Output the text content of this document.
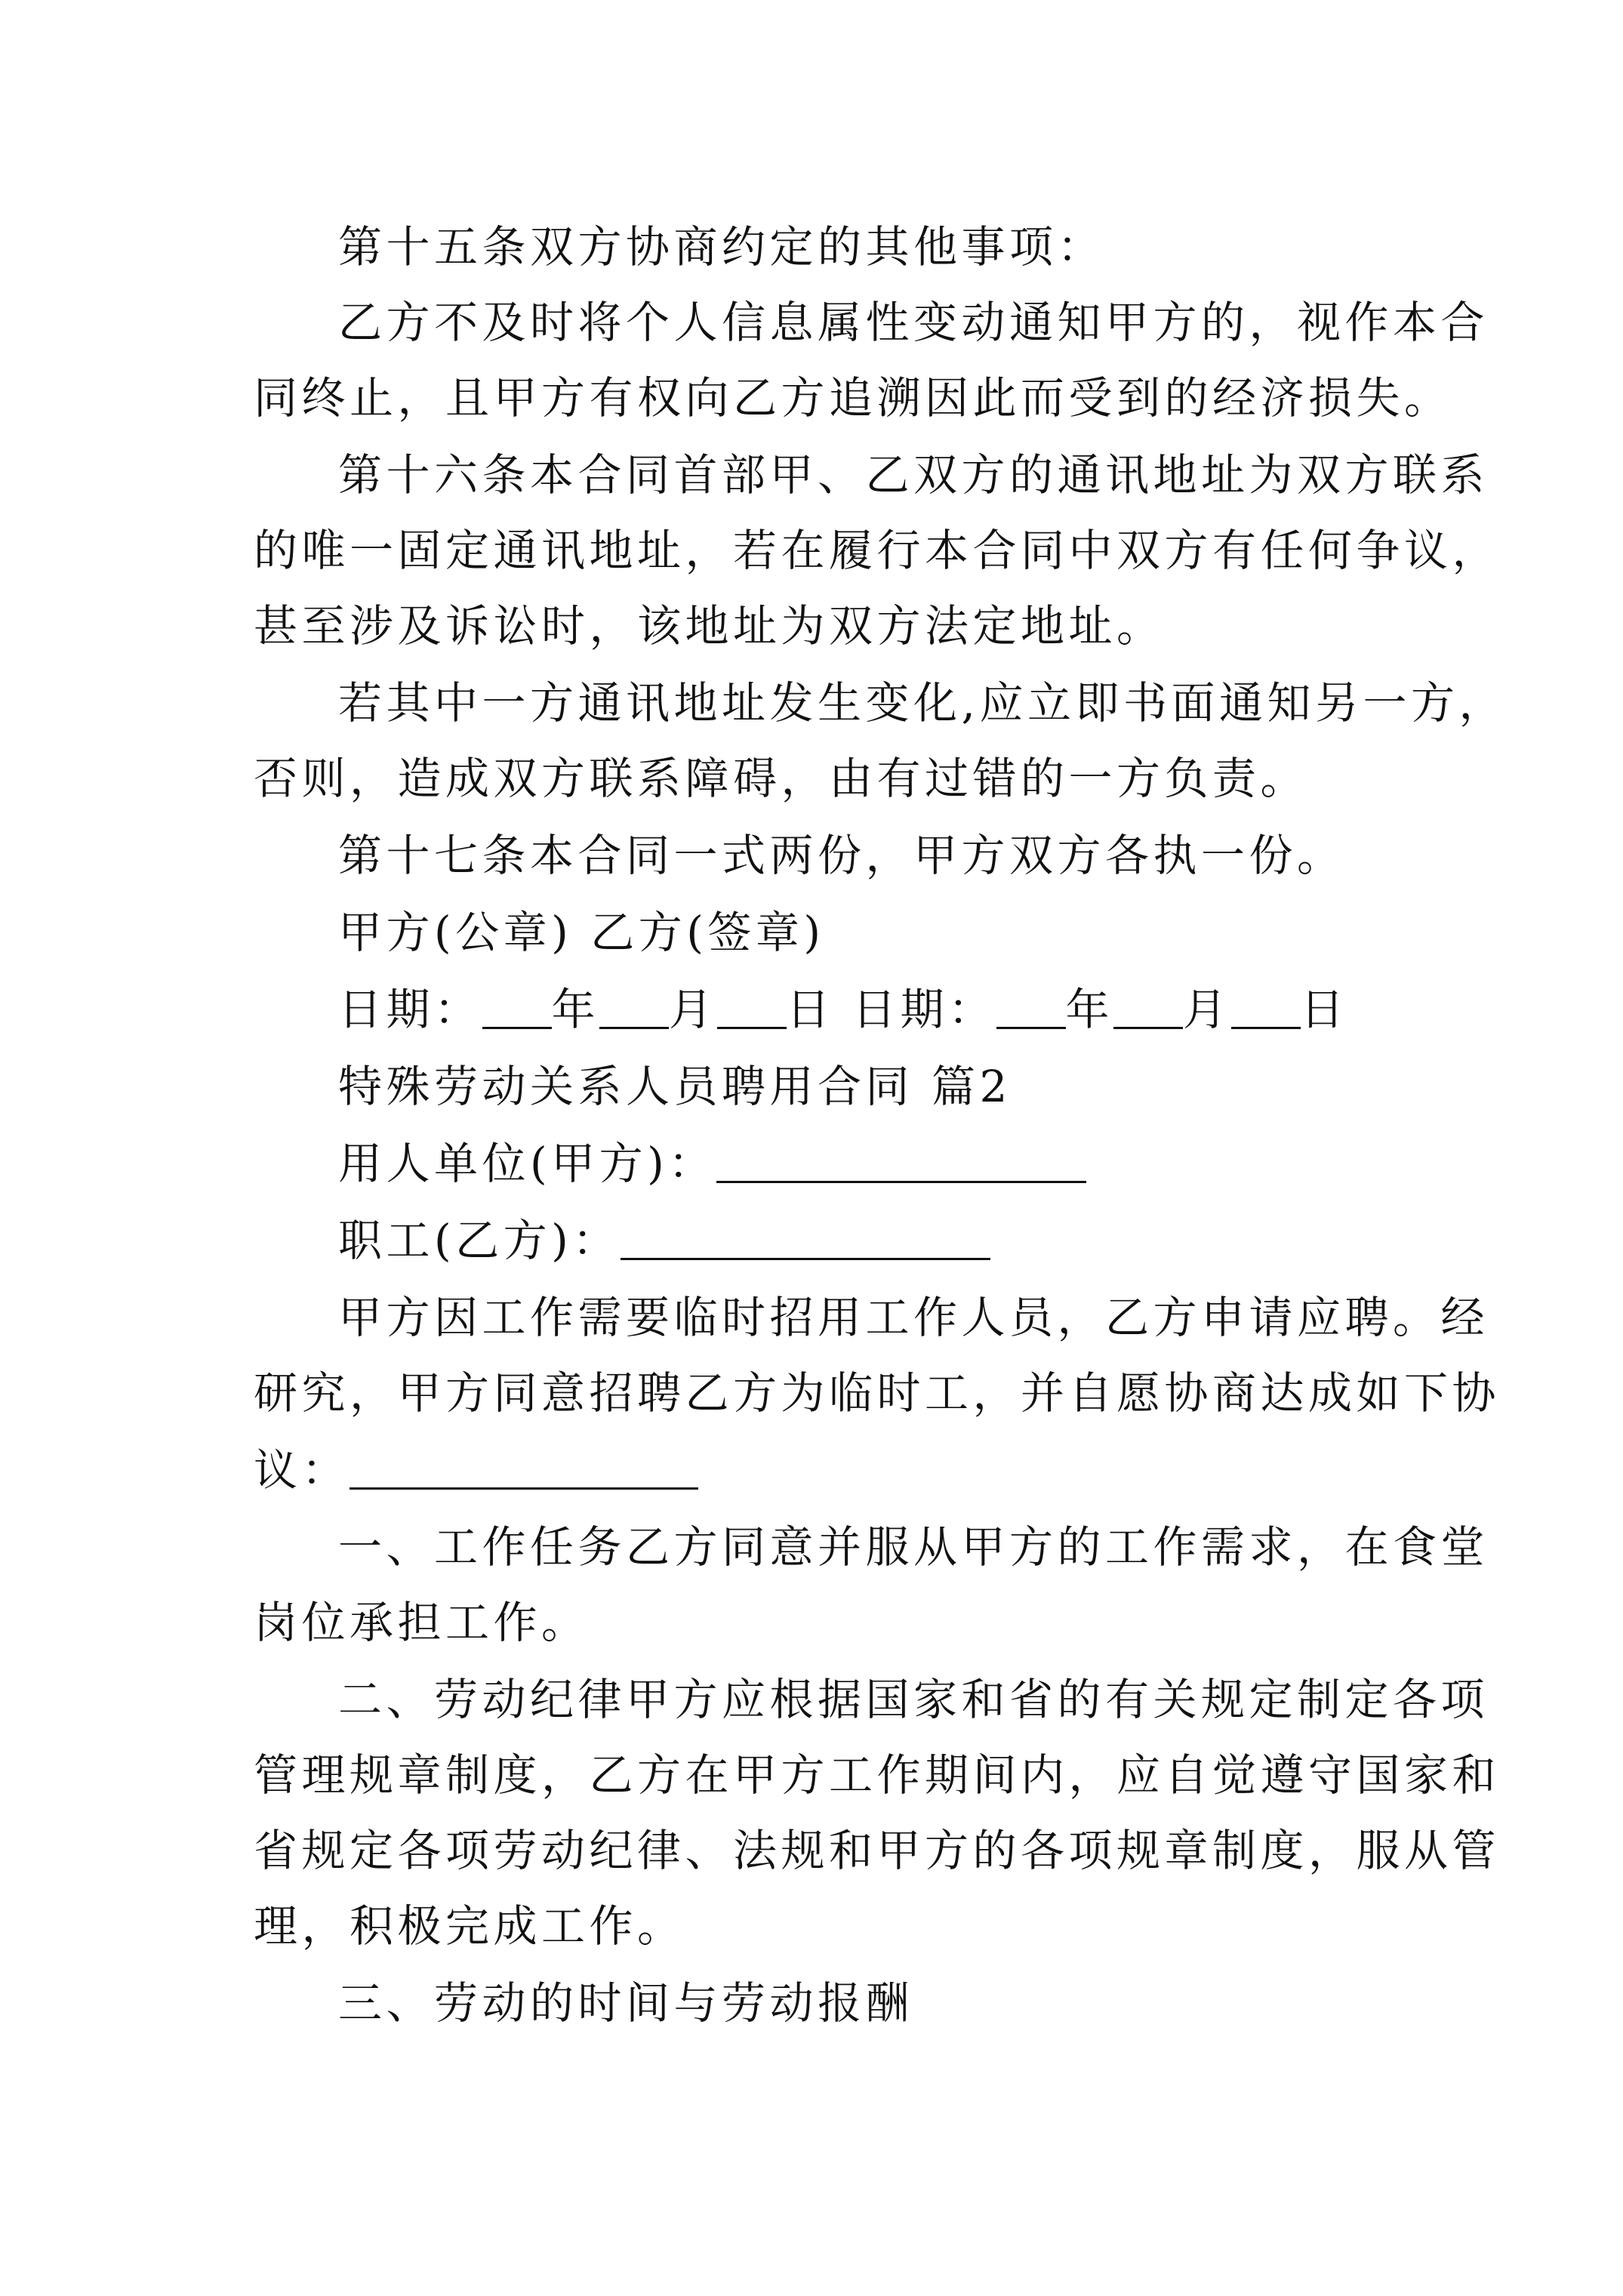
第十五条双方协商约定的其他事项：
乙方不及时将个人信息属性变动通知甲方的，视作本合
同终止，且甲方有权向乙方追溯因此而受到的经济损失。
第十六条本合同首部甲、乙双方的通讯地址为双方联系
的唯一固定通讯地址，若在履行本合同中双方有任何争议，
甚至涉及诉讼时，该地址为双方法定地址。
若其中一方通讯地址发生变化,应立即书面通知另一方，
否则，造成双方联系障碍，由有过错的一方负责。
第十七条本合同一式两份，甲方双方各执一份。
甲方(公章) 乙方(签章)
日期： 年 月 日 日期： 年 月 日
特殊劳动关系人员聘用合同 篇2
用人单位(甲方)：
职工(乙方)：
甲方因工作需要临时招用工作人员，乙方申请应聘。经
研究，甲方同意招聘乙方为临时工，并自愿协商达成如下协
议：
一、工作任务乙方同意并服从甲方的工作需求，在食堂
岗位承担工作。
二、劳动纪律甲方应根据国家和省的有关规定制定各项
管理规章制度，乙方在甲方工作期间内，应自觉遵守国家和
省规定各项劳动纪律、法规和甲方的各项规章制度，服从管
理，积极完成工作。
三、劳动的时间与劳动报酬
